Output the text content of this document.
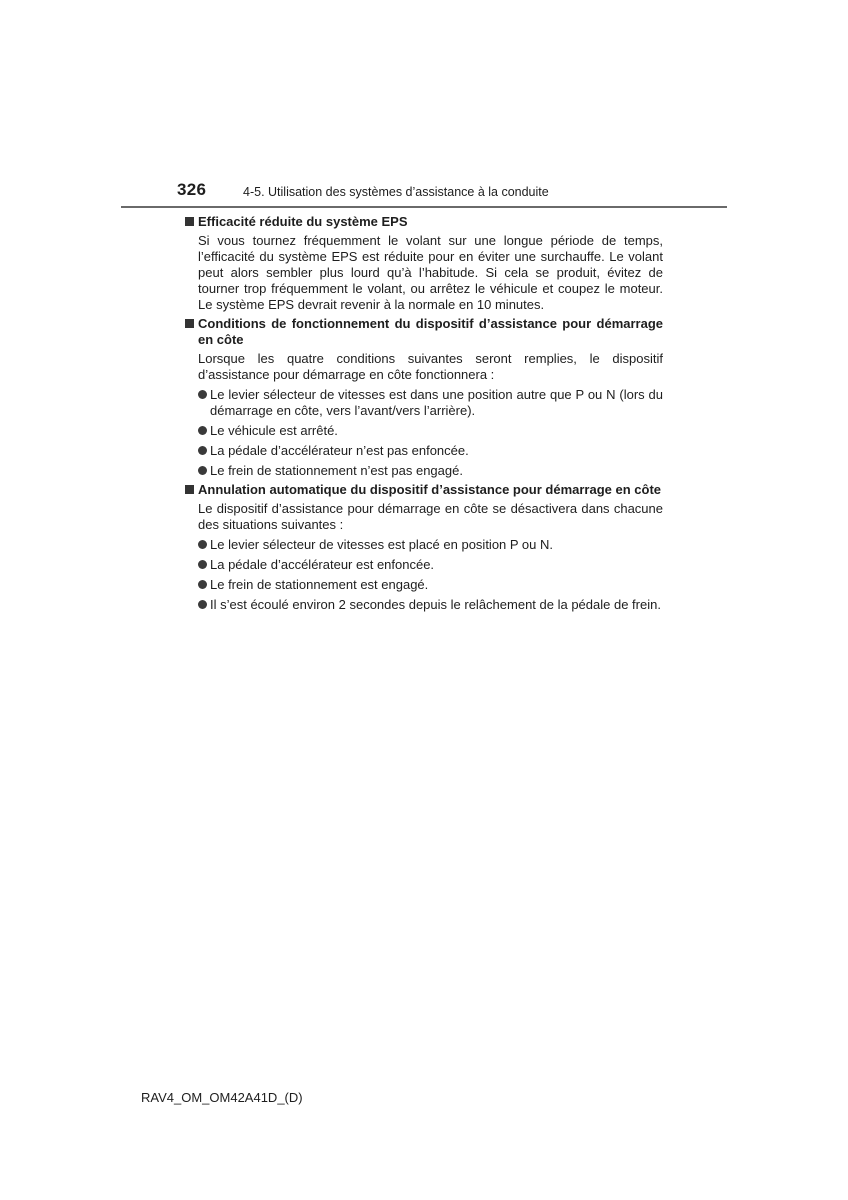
326	4-5. Utilisation des systèmes d’assistance à la conduite
Efficacité réduite du système EPS
Si vous tournez fréquemment le volant sur une longue période de temps, l’efficacité du système EPS est réduite pour en éviter une surchauffe. Le volant peut alors sembler plus lourd qu’à l’habitude. Si cela se produit, évitez de tourner trop fréquemment le volant, ou arrêtez le véhicule et coupez le moteur. Le système EPS devrait revenir à la normale en 10 minutes.
Conditions de fonctionnement du dispositif d’assistance pour démarrage en côte
Lorsque les quatre conditions suivantes seront remplies, le dispositif d’assistance pour démarrage en côte fonctionnera :
Le levier sélecteur de vitesses est dans une position autre que P ou N (lors du démarrage en côte, vers l’avant/vers l’arrière).
Le véhicule est arrêté.
La pédale d’accélérateur n’est pas enfoncée.
Le frein de stationnement n’est pas engagé.
Annulation automatique du dispositif d’assistance pour démarrage en côte
Le dispositif d’assistance pour démarrage en côte se désactivera dans chacune des situations suivantes :
Le levier sélecteur de vitesses est placé en position P ou N.
La pédale d’accélérateur est enfoncée.
Le frein de stationnement est engagé.
Il s’est écoulé environ 2 secondes depuis le relâchement de la pédale de frein.
RAV4_OM_OM42A41D_(D)
